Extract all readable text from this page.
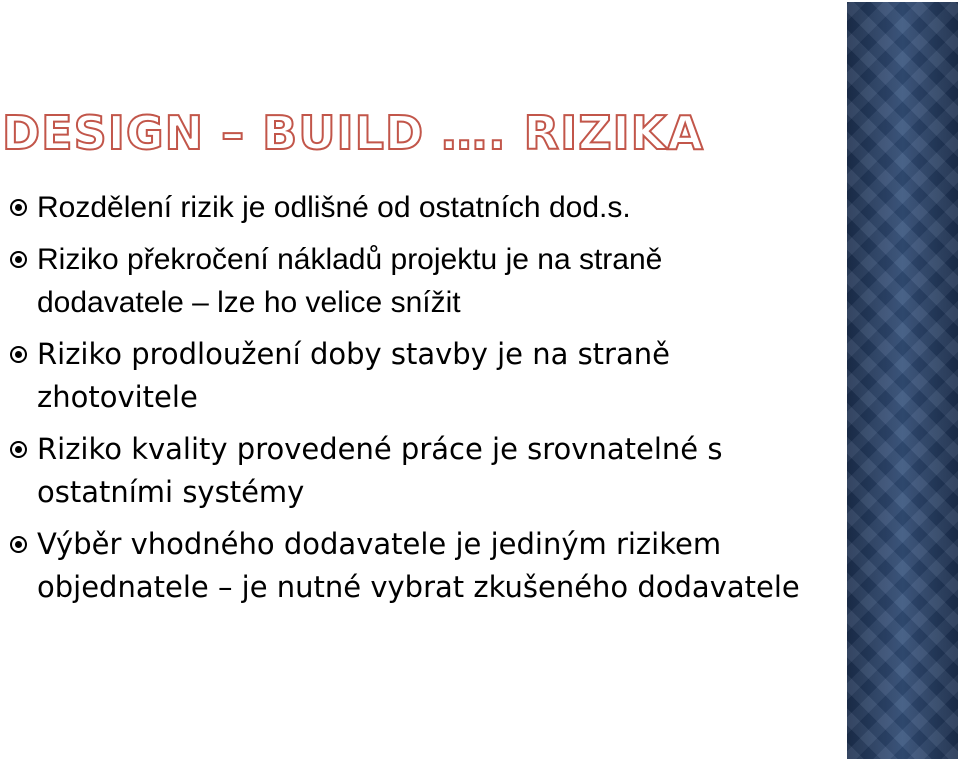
DESIGN – BUILD …. RIZIKA
Rozdělení rizik je odlišné od ostatních dod.s.
Riziko překročení nákladů projektu je na straně dodavatele – lze ho velice snížit
Riziko prodloužení doby stavby je na straně zhotovitele
Riziko kvality provedené práce je srovnatelné s ostatními systémy
Výběr vhodného dodavatele je jediným rizikem objednatele – je nutné vybrat zkušeného dodavatele
